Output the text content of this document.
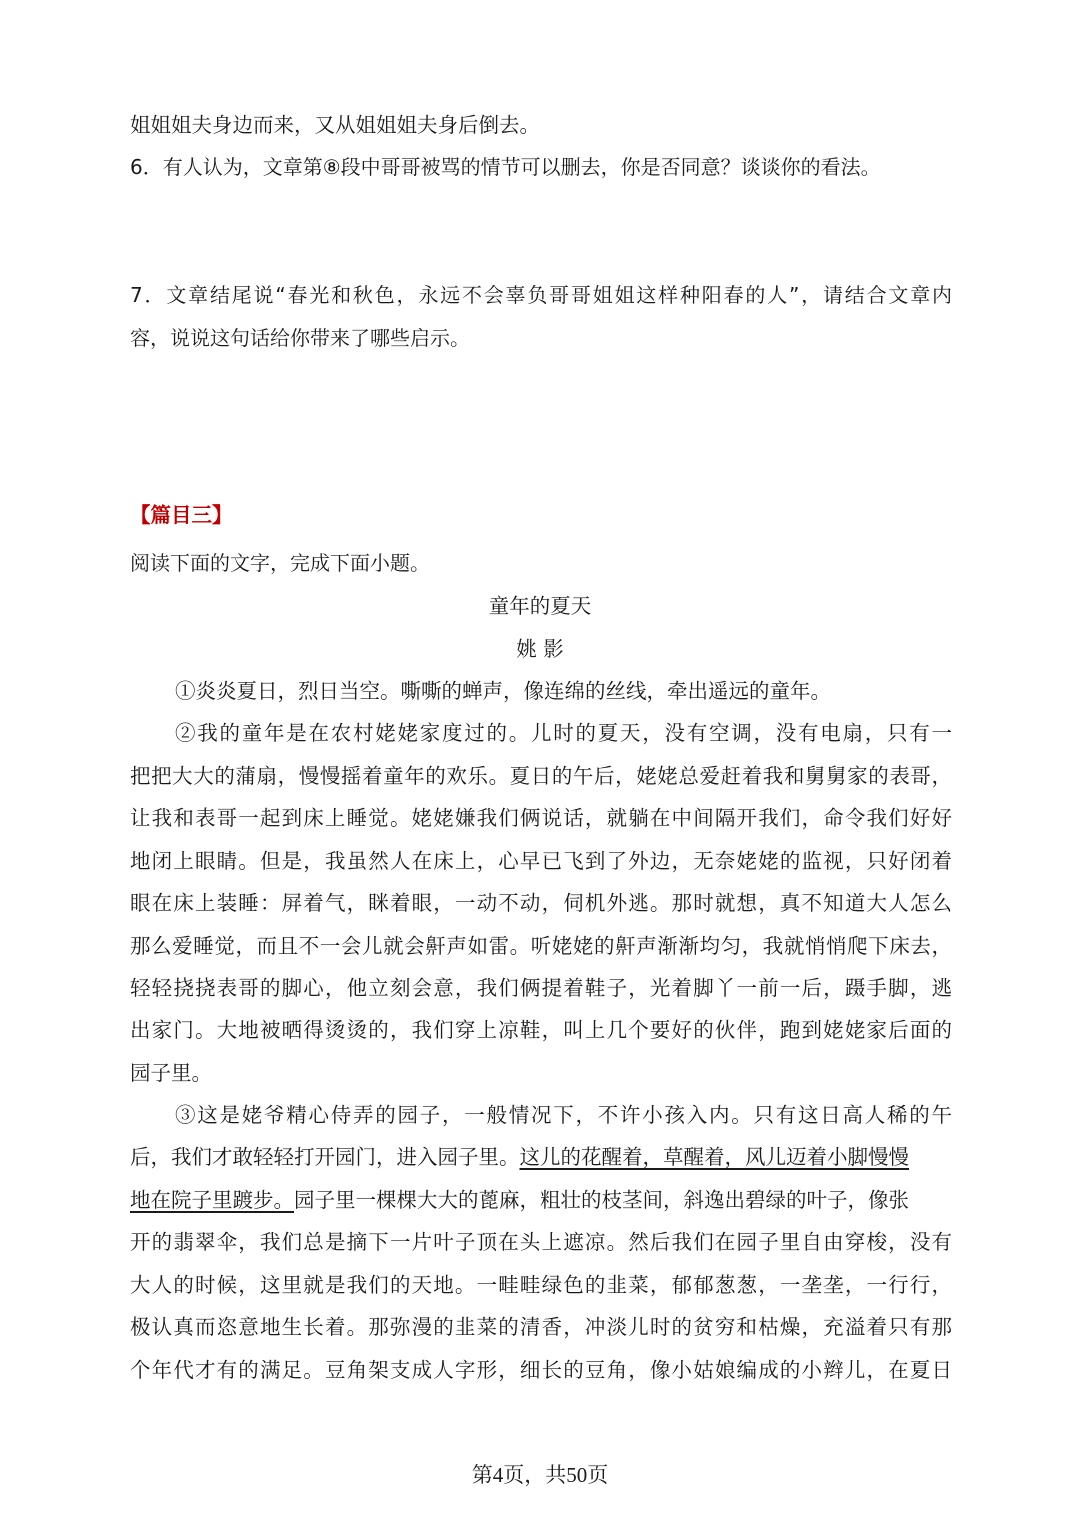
姐姐姐夫身边而来，又从姐姐姐夫身后倒去。
6．有人认为，文章第⑧段中哥哥被骂的情节可以删去，你是否同意？谈谈你的看法。
7．文章结尾说“春光和秋色，永远不会辜负哥哥姐姐这样种阳春的人”，请结合文章内
容，说说这句话给你带来了哪些启示。
【篇目三】
阅读下面的文字，完成下面小题。
童年的夏天
姚 影
①炎炎夏日，烈日当空。嘶嘶的蝉声，像连绵的丝线，牵出遥远的童年。
②我的童年是在农村姥姥家度过的。儿时的夏天，没有空调，没有电扇，只有一
把把大大的蒲扇，慢慢摇着童年的欢乐。夏日的午后，姥姥总爱赶着我和舅舅家的表哥，
让我和表哥一起到床上睡觉。姥姥嫌我们俩说话，就躺在中间隔开我们，命令我们好好
地闭上眼睛。但是，我虽然人在床上，心早已飞到了外边，无奈姥姥的监视，只好闭着
眼在床上装睡：屏着气，眯着眼，一动不动，伺机外逃。那时就想，真不知道大人怎么
那么爱睡觉，而且不一会儿就会鼾声如雷。听姥姥的鼾声渐渐均匀，我就悄悄爬下床去，
轻轻挠挠表哥的脚心，他立刻会意，我们俩提着鞋子，光着脚丫一前一后，蹑手脚，逃
出家门。大地被晒得烫烫的，我们穿上凉鞋，叫上几个要好的伙伴，跑到姥姥家后面的
园子里。
③这是姥爷精心侍弄的园子，一般情况下，不许小孩入内。只有这日高人稀的午
后，我们才敢轻轻打开园门，进入园子里。这儿的花醒着，草醒着，风儿迈着小脚慢慢
地在院子里踱步。园子里一棵棵大大的蓖麻，粗壮的枝茎间，斜逸出碧绿的叶子，像张
开的翡翠伞，我们总是摘下一片叶子顶在头上遮凉。然后我们在园子里自由穿梭，没有
大人的时候，这里就是我们的天地。一畦畦绿色的韭菜，郁郁葱葱，一垄垄，一行行，
极认真而恣意地生长着。那弥漫的韭菜的清香，冲淡儿时的贫穷和枯燥，充溢着只有那
个年代才有的满足。豆角架支成人字形，细长的豆角，像小姑娘编成的小辫儿，在夏日
第4页，共50页
